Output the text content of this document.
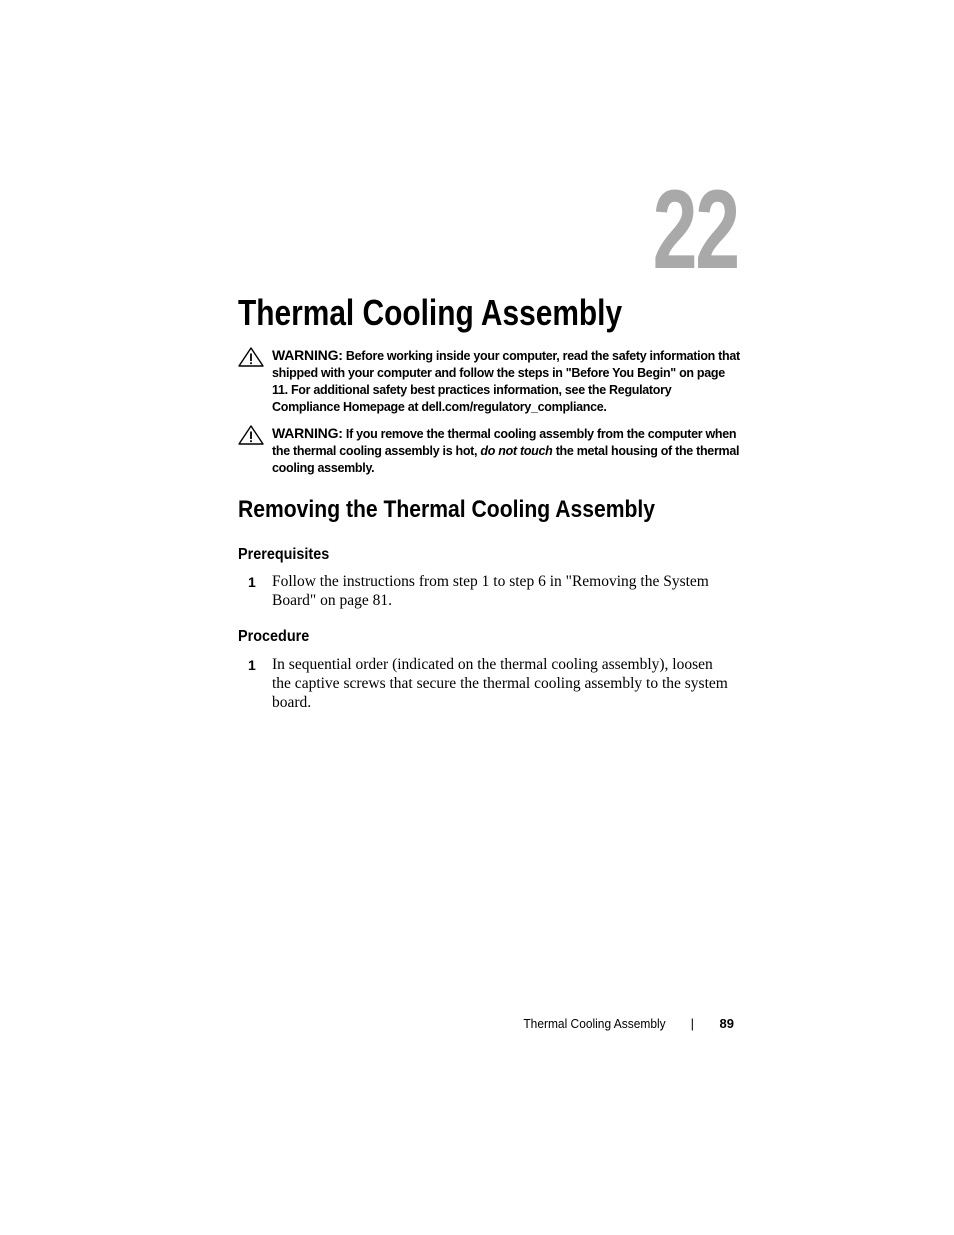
22
Thermal Cooling Assembly
WARNING: Before working inside your computer, read the safety information that shipped with your computer and follow the steps in "Before You Begin" on page 11. For additional safety best practices information, see the Regulatory Compliance Homepage at dell.com/regulatory_compliance.
WARNING: If you remove the thermal cooling assembly from the computer when the thermal cooling assembly is hot, do not touch the metal housing of the thermal cooling assembly.
Removing the Thermal Cooling Assembly
Prerequisites
1 Follow the instructions from step 1 to step 6 in "Removing the System Board" on page 81.
Procedure
1 In sequential order (indicated on the thermal cooling assembly), loosen the captive screws that secure the thermal cooling assembly to the system board.
Thermal Cooling Assembly | 89
